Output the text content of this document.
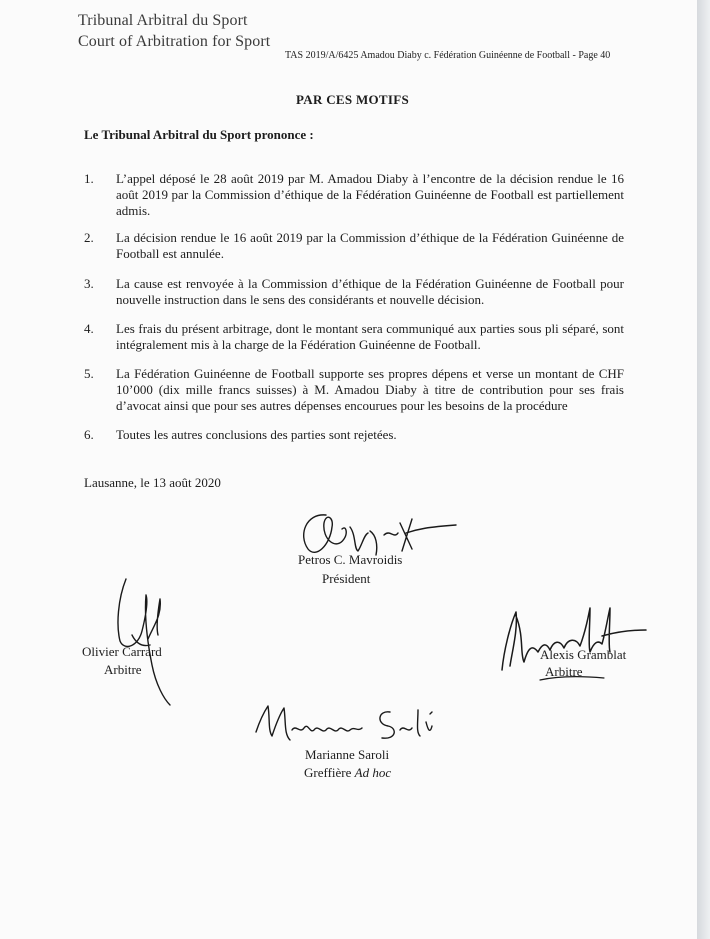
Tribunal Arbitral du Sport
Court of Arbitration for Sport
TAS 2019/A/6425 Amadou Diaby c. Fédération Guinéenne de Football - Page 40
PAR CES MOTIFS
Le Tribunal Arbitral du Sport prononce :
1. L’appel déposé le 28 août 2019 par M. Amadou Diaby à l’encontre de la décision rendue le 16 août 2019 par la Commission d’éthique de la Fédération Guinéenne de Football est partiellement admis.
2. La décision rendue le 16 août 2019 par la Commission d’éthique de la Fédération Guinéenne de Football est annulée.
3. La cause est renvoyée à la Commission d’éthique de la Fédération Guinéenne de Football pour nouvelle instruction dans le sens des considérants et nouvelle décision.
4. Les frais du présent arbitrage, dont le montant sera communiqué aux parties sous pli séparé, sont intégralement mis à la charge de la Fédération Guinéenne de Football.
5. La Fédération Guinéenne de Football supporte ses propres dépens et verse un montant de CHF 10’000 (dix mille francs suisses) à M. Amadou Diaby à titre de contribution pour ses frais d’avocat ainsi que pour ses autres dépenses encourues pour les besoins de la procédure
6. Toutes les autres conclusions des parties sont rejetées.
Lausanne, le 13 août 2020
Petros C. Mavroidis
Président
Olivier Carrard
Arbitre
Alexis Gramblat
Arbitre
Marianne Saroli
Greffière Ad hoc
